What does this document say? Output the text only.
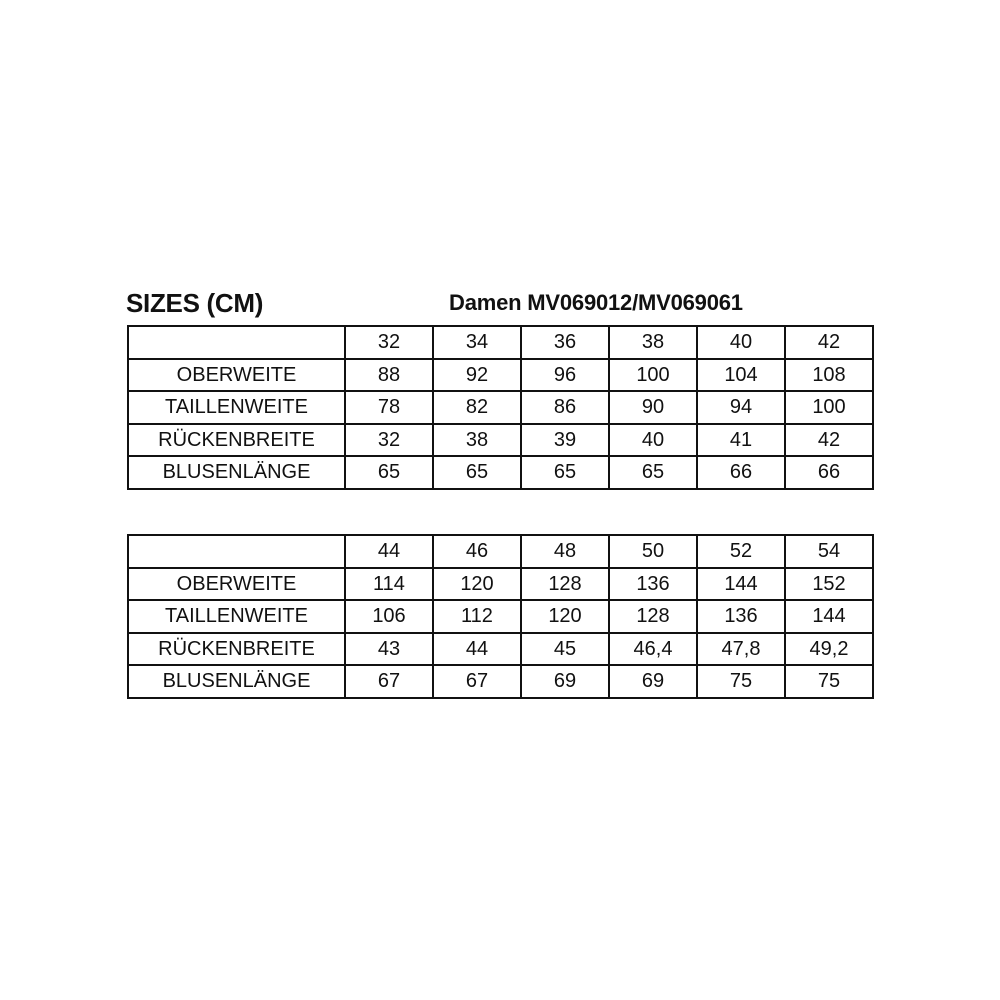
SIZES (CM)	Damen MV069012/MV069061
	32	34	36	38	40	42
OBERWEITE	88	92	96	100	104	108
TAILLENWEITE	78	82	86	90	94	100
RÜCKENBREITE	32	38	39	40	41	42
BLUSENLÄNGE	65	65	65	65	66	66
	44	46	48	50	52	54
OBERWEITE	114	120	128	136	144	152
TAILLENWEITE	106	112	120	128	136	144
RÜCKENBREITE	43	44	45	46,4	47,8	49,2
BLUSENLÄNGE	67	67	69	69	75	75
